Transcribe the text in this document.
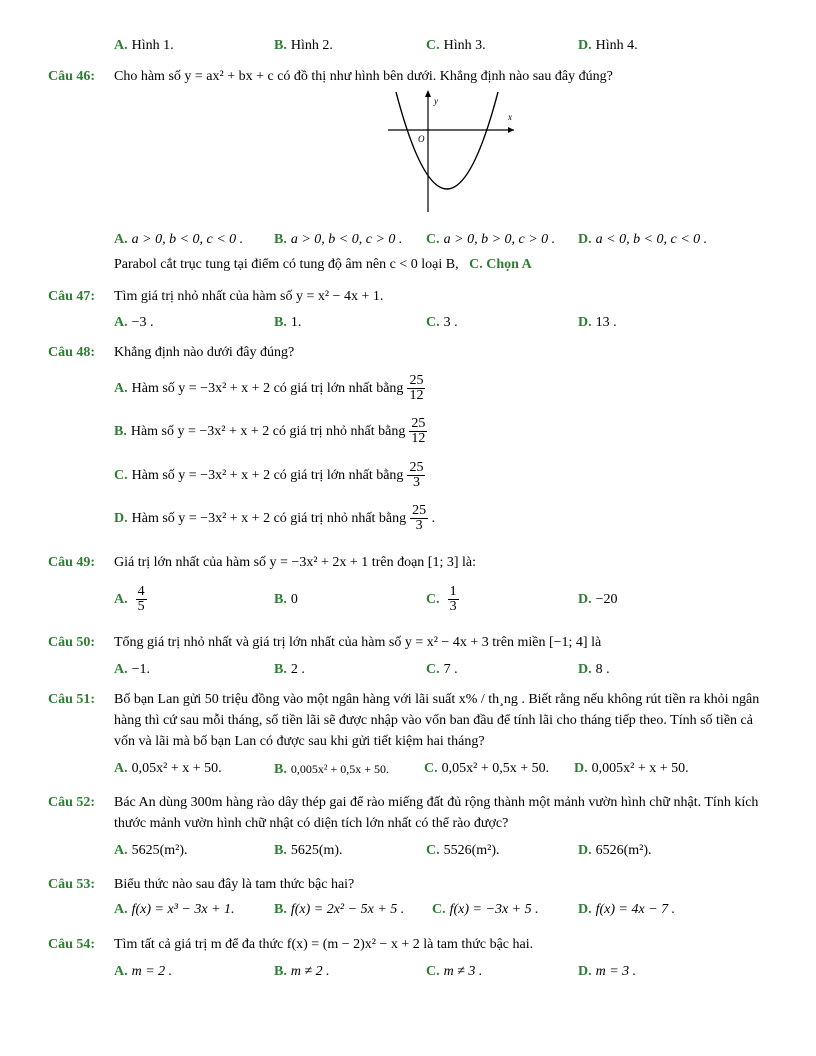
A. Hình 1.	B. Hình 2.	C. Hình 3.	D. Hình 4.
Câu 46: Cho hàm số y = ax² + bx + c có đồ thị như hình bên dưới. Khẳng định nào sau đây đúng?
y
x
O
A. a > 0, b < 0, c < 0 . B. a > 0, b < 0, c > 0 . C. a > 0, b > 0, c > 0 . D. a < 0, b < 0, c < 0 .
Parabol cắt trục tung tại điểm có tung độ âm nên c < 0 loại B, C. Chọn A
Câu 47: Tìm giá trị nhỏ nhất của hàm số y = x² − 4x + 1.
A. −3 .	B. 1.	C. 3 .	D. 13 .
Câu 48: Khẳng định nào dưới đây đúng?
A. Hàm số y = −3x² + x + 2 có giá trị lớn nhất bằng $\frac{25}{12}$
B. Hàm số y = −3x² + x + 2 có giá trị nhỏ nhất bằng $\frac{25}{12}$
C. Hàm số y = −3x² + x + 2 có giá trị lớn nhất bằng $\frac{25}{3}$
D. Hàm số y = −3x² + x + 2 có giá trị nhỏ nhất bằng $\frac{25}{3}$ .
Câu 49: Giá trị lớn nhất của hàm số y = −3x² + 2x + 1 trên đoạn [1; 3] là:
A. $\frac{4}{5}$	B. 0	C. $\frac{1}{3}$	D. −20
Câu 50: Tổng giá trị nhỏ nhất và giá trị lớn nhất của hàm số y = x² − 4x + 3 trên miền [−1; 4] là
A. −1.	B. 2 .	C. 7 .	D. 8 .
Câu 51: Bố bạn Lan gửi 50 triệu đồng vào một ngân hàng với lãi suất x% / th¸ng . Biết rằng nếu không rút tiền ra khỏi ngân hàng thì cứ sau mỗi tháng, số tiền lãi sẽ được nhập vào vốn ban đầu để tính lãi cho tháng tiếp theo. Tính số tiền cả vốn và lãi mà bố bạn Lan có được sau khi gửi tiết kiệm hai tháng?
A. 0,05x² + x + 50.	B. 0,005x² + 0,5x + 50.	C. 0,05x² + 0,5x + 50. D. 0,005x² + x + 50.
Câu 52: Bác An dùng 300m hàng rào dây thép gai để rào miếng đất đủ rộng thành một mảnh vườn hình chữ nhật. Tính kích thước mảnh vườn hình chữ nhật có diện tích lớn nhất có thể rào được?
A. 5625(m²).	B. 5625(m).	C. 5526(m²).	D. 6526(m²).
Câu 53: Biểu thức nào sau đây là tam thức bậc hai?
A. f(x) = x³ − 3x + 1.	B. f(x) = 2x² − 5x + 5 . C. f(x) = −3x + 5 .	D. f(x) = 4x − 7 .
Câu 54: Tìm tất cả giá trị m để đa thức f(x) = (m − 2)x² − x + 2 là tam thức bậc hai.
A. m = 2 .	B. m ≠ 2 .	C. m ≠ 3 .	D. m = 3 .
